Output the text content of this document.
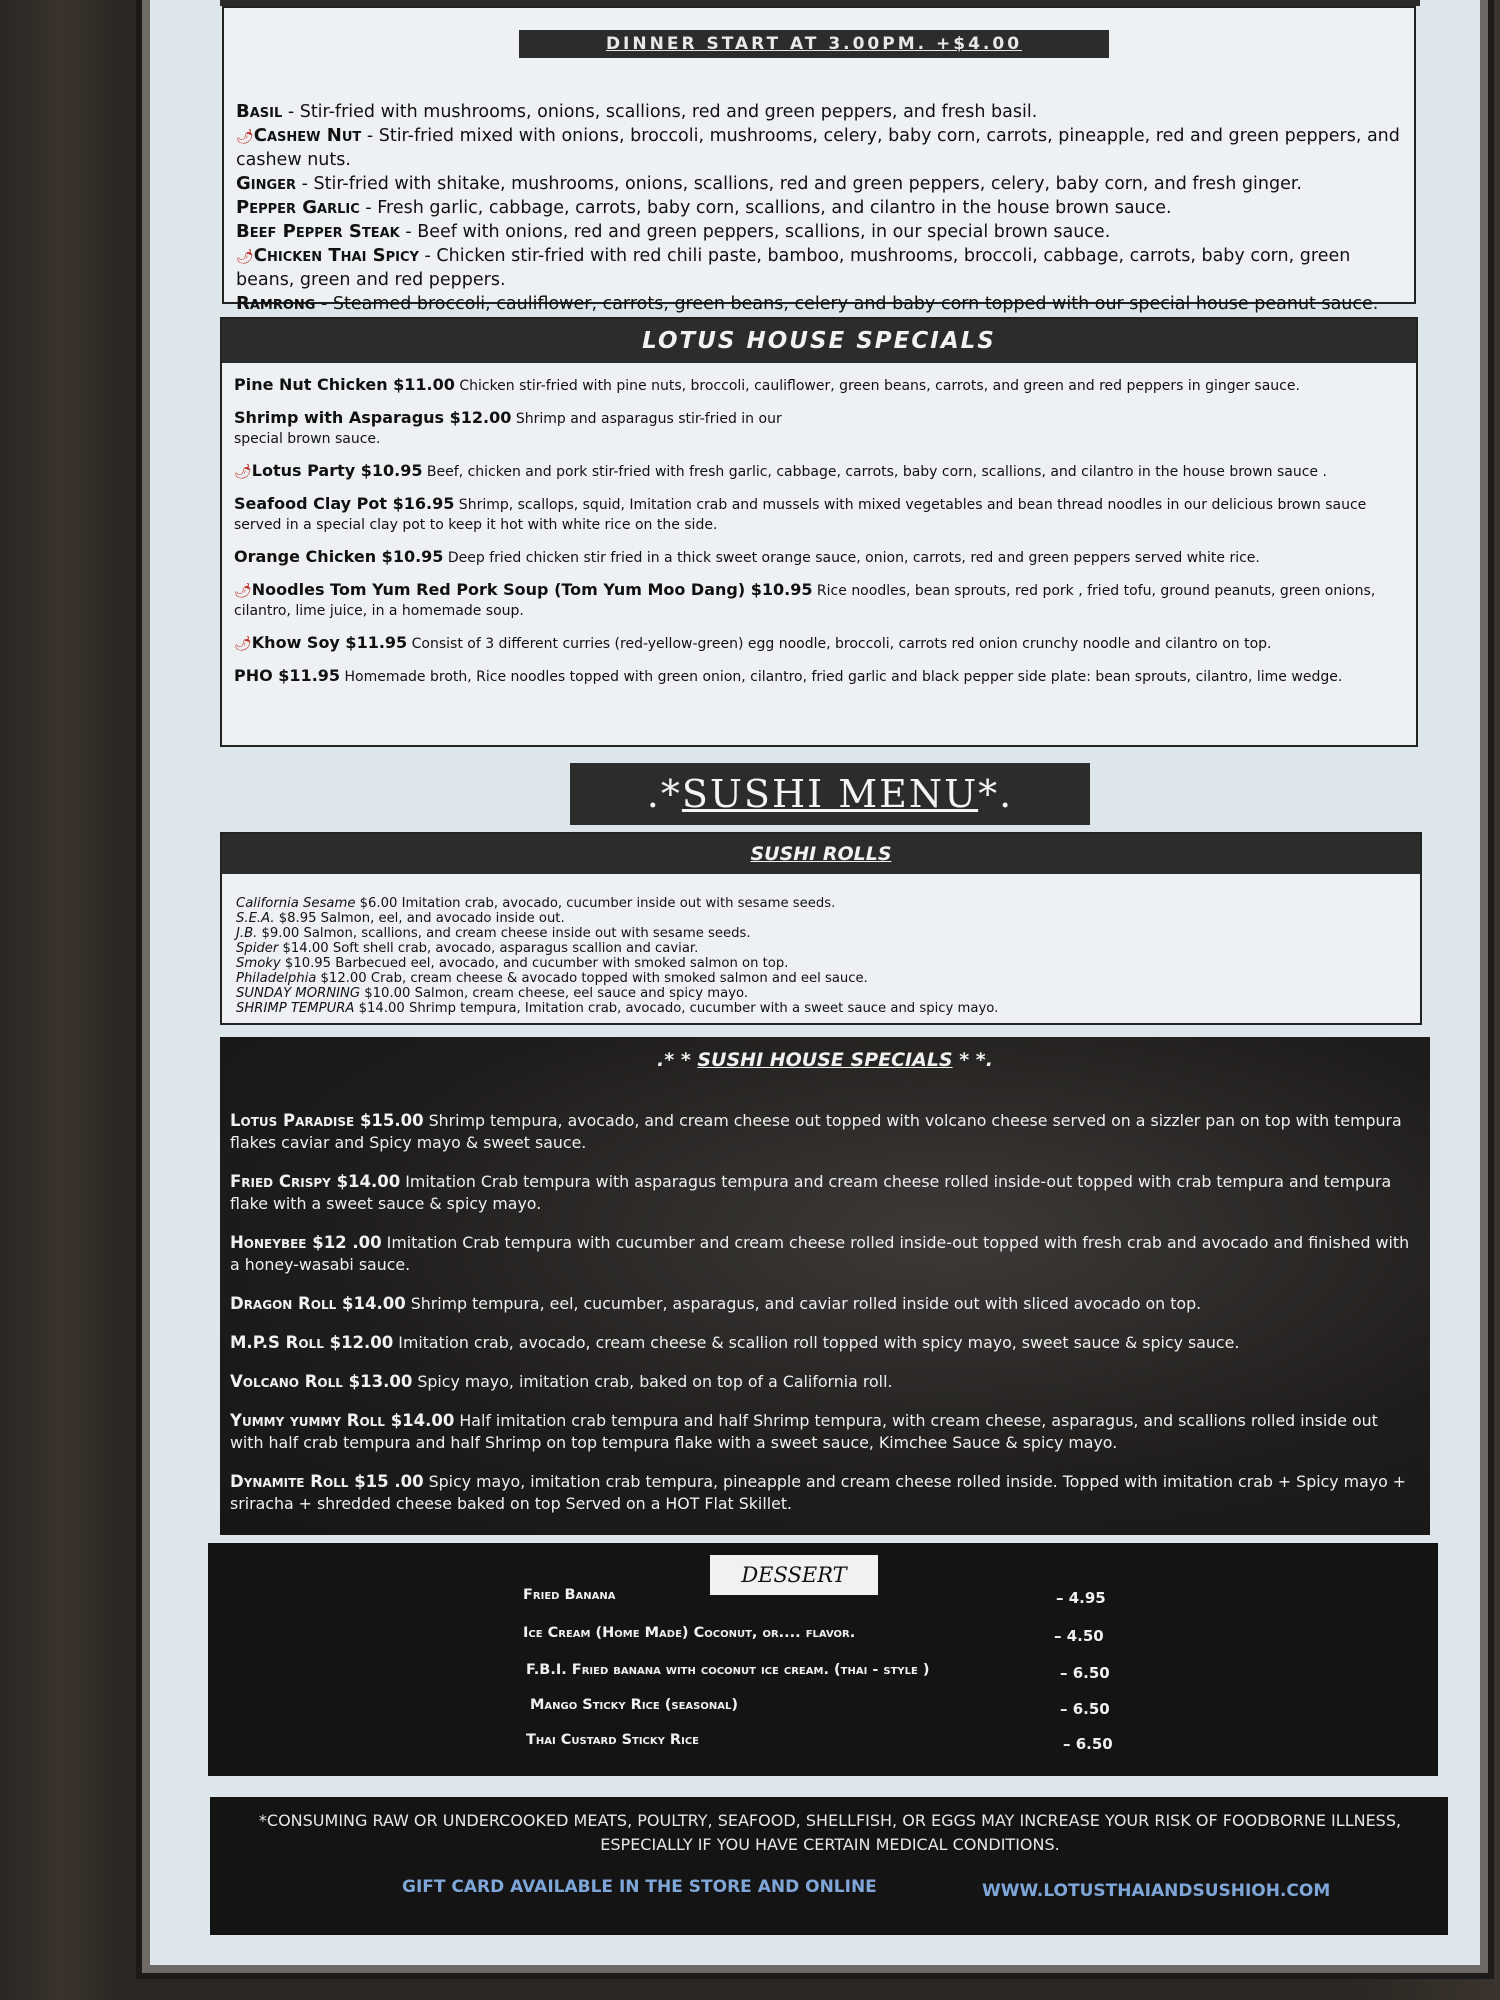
DINNER START AT 3.00PM. +$4.00

Basil - Stir-fried with mushrooms, onions, scallions, red and green peppers, and fresh basil.

🌶Cashew Nut - Stir-fried mixed with onions, broccoli, mushrooms, celery, baby corn, carrots, pineapple, red and green peppers, and cashew nuts.

Ginger - Stir-fried with shitake, mushrooms, onions, scallions, red and green peppers, celery, baby corn, and fresh ginger.

Pepper Garlic - Fresh garlic, cabbage, carrots, baby corn, scallions, and cilantro in the house brown sauce.

Beef Pepper Steak - Beef with onions, red and green peppers, scallions, in our special brown sauce.

🌶Chicken Thai Spicy - Chicken stir-fried with red chili paste, bamboo, mushrooms, broccoli, cabbage, carrots, baby corn, green beans, green and red peppers.

Ramrong - Steamed broccoli, cauliflower, carrots, green beans, celery and baby corn topped with our special house peanut sauce.

LOTUS HOUSE SPECIALS

Pine Nut Chicken $11.00 Chicken stir-fried with pine nuts, broccoli, cauliflower, green beans, carrots, and green and red peppers in ginger sauce.

Shrimp with Asparagus $12.00 Shrimp and asparagus stir-fried in our special brown sauce.

🌶Lotus Party $10.95 Beef, chicken and pork stir-fried with fresh garlic, cabbage, carrots, baby corn, scallions, and cilantro in the house brown sauce .

Seafood Clay Pot $16.95 Shrimp, scallops, squid, Imitation crab and mussels with mixed vegetables and bean thread noodles in our delicious brown sauce served in a special clay pot to keep it hot with white rice on the side.

Orange Chicken $10.95 Deep fried chicken stir fried in a thick sweet orange sauce, onion, carrots, red and green peppers served white rice.

🌶Noodles Tom Yum Red Pork Soup (Tom Yum Moo Dang) $10.95 Rice noodles, bean sprouts, red pork , fried tofu, ground peanuts, green onions, cilantro, lime juice, in a homemade soup.

🌶Khow Soy $11.95 Consist of 3 different curries (red-yellow-green) egg noodle, broccoli, carrots red onion crunchy noodle and cilantro on top.

PHO $11.95 Homemade broth, Rice noodles topped with green onion, cilantro, fried garlic and black pepper side plate: bean sprouts, cilantro, lime wedge.

.*SUSHI MENU*.
SUSHI ROLLS

California Sesame $6.00 Imitation crab, avocado, cucumber inside out with sesame seeds.

S.E.A. $8.95 Salmon, eel, and avocado inside out.

J.B. $9.00 Salmon, scallions, and cream cheese inside out with sesame seeds.

Spider $14.00 Soft shell crab, avocado, asparagus scallion and caviar.

Smoky $10.95 Barbecued eel, avocado, and cucumber with smoked salmon on top.

Philadelphia $12.00 Crab, cream cheese & avocado topped with smoked salmon and eel sauce.

SUNDAY MORNING $10.00 Salmon, cream cheese, eel sauce and spicy mayo.

SHRIMP TEMPURA $14.00 Shrimp tempura, Imitation crab, avocado, cucumber with a sweet sauce and spicy mayo.

.* * SUSHI HOUSE SPECIALS * *.

Lotus Paradise $15.00 Shrimp tempura, avocado, and cream cheese out topped with volcano cheese served on a sizzler pan on top with tempura flakes caviar and Spicy mayo & sweet sauce.

Fried Crispy $14.00 Imitation Crab tempura with asparagus tempura and cream cheese rolled inside-out topped with crab tempura and tempura flake with a sweet sauce & spicy mayo.

Honeybee $12 .00 Imitation Crab tempura with cucumber and cream cheese rolled inside-out topped with fresh crab and avocado and finished with a honey-wasabi sauce.

Dragon Roll $14.00 Shrimp tempura, eel, cucumber, asparagus, and caviar rolled inside out with sliced avocado on top.

M.P.S Roll $12.00 Imitation crab, avocado, cream cheese & scallion roll topped with spicy mayo, sweet sauce & spicy sauce.

Volcano Roll $13.00 Spicy mayo, imitation crab, baked on top of a California roll.

Yummy yummy Roll $14.00 Half imitation crab tempura and half Shrimp tempura, with cream cheese, asparagus, and scallions rolled inside out with half crab tempura and half Shrimp on top tempura flake with a sweet sauce, Kimchee Sauce & spicy mayo.

Dynamite Roll $15 .00 Spicy mayo, imitation crab tempura, pineapple and cream cheese rolled inside. Topped with imitation crab + Spicy mayo + sriracha + shredded cheese baked on top Served on a HOT Flat Skillet.

DESSERT
Fried Banana	– 4.95
Ice Cream (Home Made) Coconut, or.... flavor.	– 4.50
F.B.I. Fried banana with coconut ice cream. (thai - style )	– 6.50
Mango Sticky Rice (seasonal)	– 6.50
Thai Custard Sticky Rice	– 6.50
*CONSUMING RAW OR UNDERCOOKED MEATS, POULTRY, SEAFOOD, SHELLFISH, OR EGGS MAY INCREASE YOUR RISK OF FOODBORNE ILLNESS, ESPECIALLY IF YOU HAVE CERTAIN MEDICAL CONDITIONS.
GIFT CARD AVAILABLE IN THE STORE AND ONLINE	WWW.LOTUSTHAIANDSUSHIOH.COM
